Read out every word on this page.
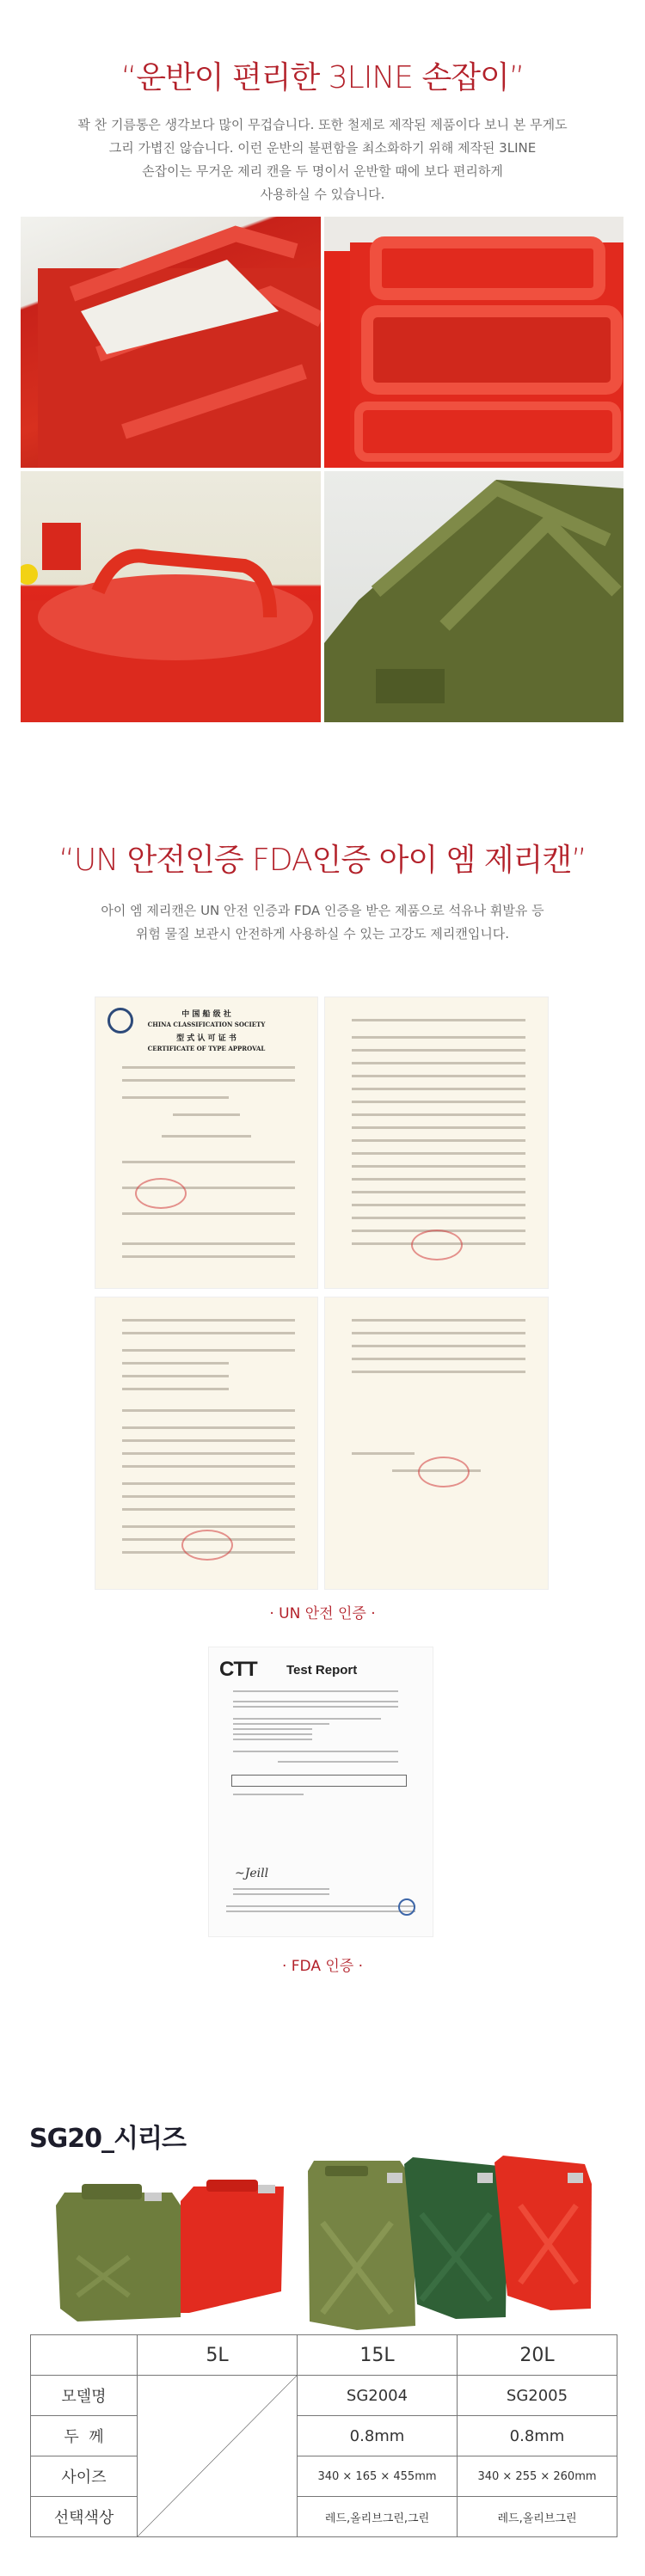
“운반이 편리한 3LINE 손잡이”
꽉 찬 기름통은 생각보다 많이 무겁습니다. 또한 철제로 제작된 제품이다 보니 본 무게도
그리 가볍진 않습니다. 이런 운반의 불편함을 최소화하기 위해 제작된 3LINE
손잡이는 무거운 제리 캔을 두 명이서 운반할 때에 보다 편리하게
사용하실 수 있습니다.
“UN 안전인증 FDA인증 아이 엠 제리캔”
아이 엠 제리캔은 UN 안전 인증과 FDA 인증을 받은 제품으로 석유나 휘발유 등
위험 물질 보관시 안전하게 사용하실 수 있는 고강도 제리캔입니다.
中 国 船 级 社
CHINA CLASSIFICATION SOCIETY
型 式 认 可 证 书
CERTIFICATE OF TYPE APPROVAL
· UN 안전 인증 ·
CTT Test Report
~Jeill
· FDA 인증 ·
SG20_시리즈
	5L	15L	20L
모델명		SG2004	SG2005
두  께		0.8mm	0.8mm
사이즈		340 × 165 × 455mm	340 × 255 × 260mm
선택색상		레드,올리브그린,그린	레드,올리브그린
